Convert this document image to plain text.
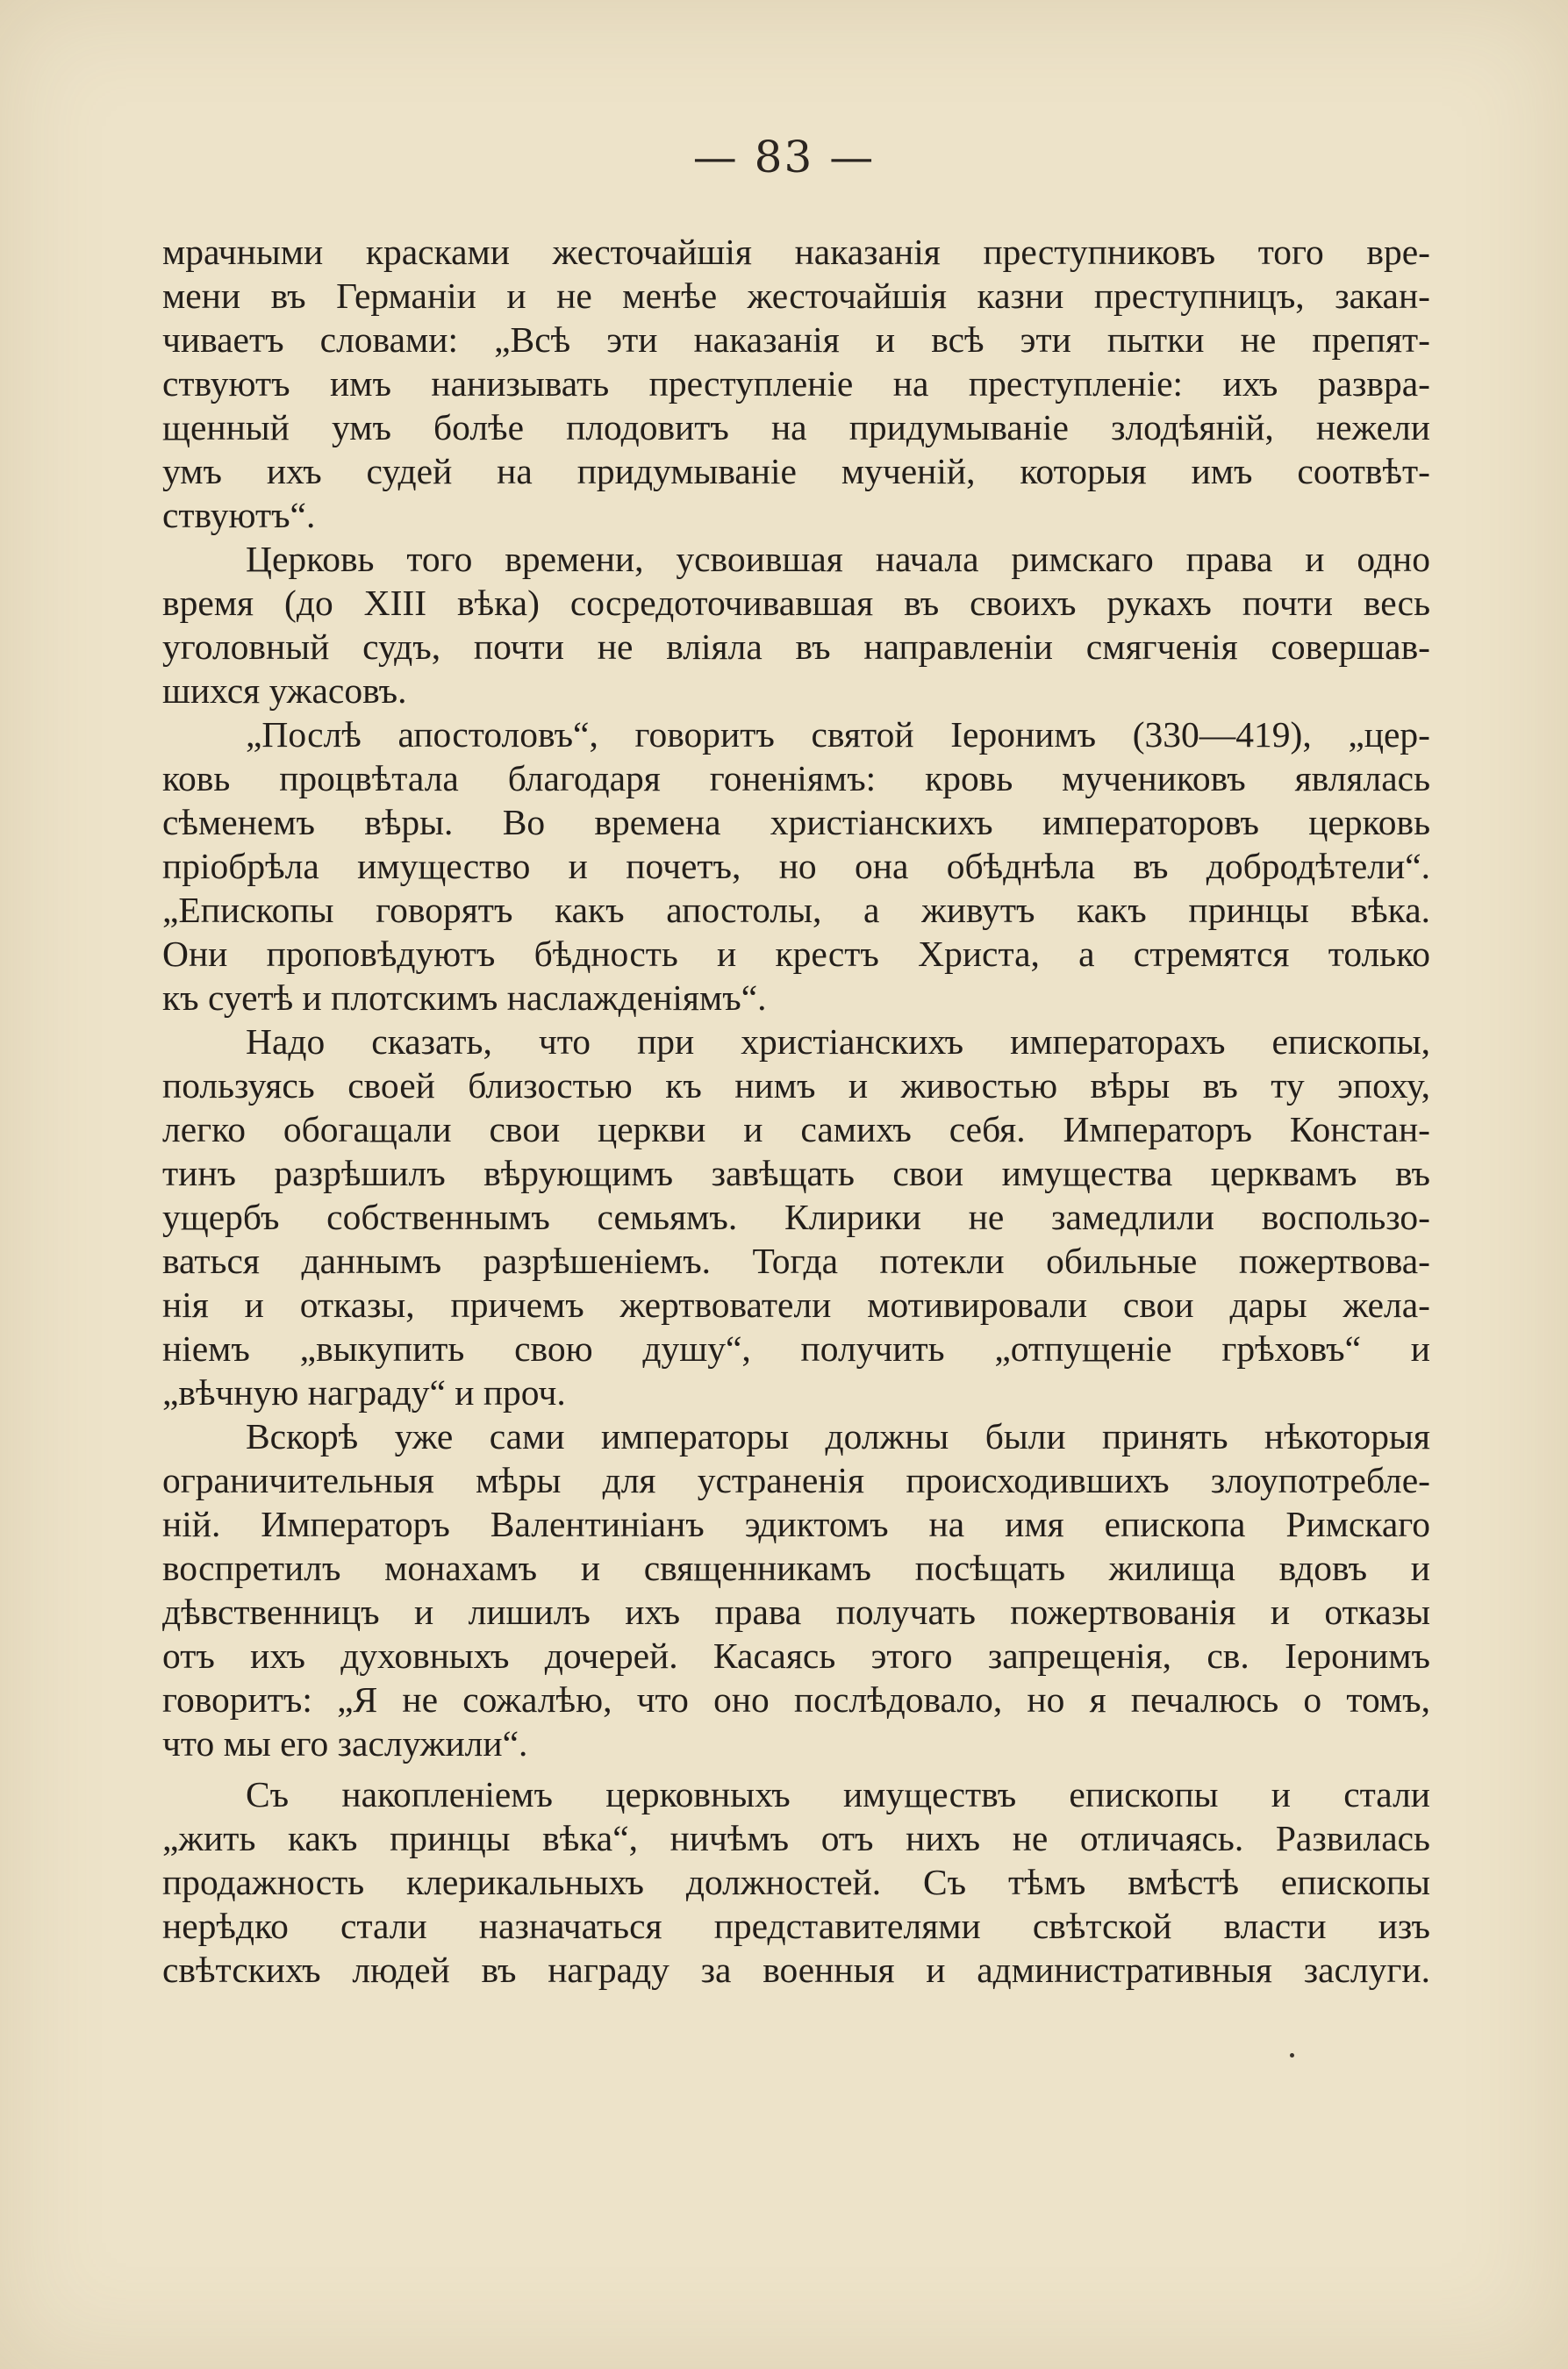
— 83 —

мрачными красками жесточайшія наказанія преступниковъ того вре-

мени въ Германіи и не менѣе жесточайшія казни преступницъ, закан-

чиваетъ словами: „Всѣ эти наказанія и всѣ эти пытки не препят-

ствуютъ имъ нанизывать преступленіе на преступленіе: ихъ развра-

щенный умъ болѣе плодовитъ на придумываніе злодѣяній, нежели

умъ ихъ судей на придумываніе мученій, которыя имъ соотвѣт-

ствуютъ“.

Церковь того времени, усвоившая начала римскаго права и одно

время (до XIII вѣка) сосредоточивавшая въ своихъ рукахъ почти весь

уголовный судъ, почти не вліяла въ направленіи смягченія совершав-

шихся ужасовъ.

„Послѣ апостоловъ“, говоритъ святой Іеронимъ (330—419), „цер-

ковь процвѣтала благодаря гоненіямъ: кровь мучениковъ являлась

сѣменемъ вѣры. Во времена христіанскихъ императоровъ церковь

пріобрѣла имущество и почетъ, но она обѣднѣла въ добродѣтели“.

„Епископы говорятъ какъ апостолы, а живутъ какъ принцы вѣка.

Они проповѣдуютъ бѣдность и крестъ Христа, а стремятся только

къ суетѣ и плотскимъ наслажденіямъ“.

Надо сказать, что при христіанскихъ императорахъ епископы,

пользуясь своей близостью къ нимъ и живостью вѣры въ ту эпоху,

легко обогащали свои церкви и самихъ себя. Императоръ Констан-

тинъ разрѣшилъ вѣрующимъ завѣщать свои имущества церквамъ въ

ущербъ собственнымъ семьямъ. Клирики не замедлили воспользо-

ваться даннымъ разрѣшеніемъ. Тогда потекли обильные пожертвова-

нія и отказы, причемъ жертвователи мотивировали свои дары жела-

ніемъ „выкупить свою душу“, получить „отпущеніе грѣховъ“ и

„вѣчную награду“ и проч.

Вскорѣ уже сами императоры должны были принять нѣкоторыя

ограничительныя мѣры для устраненія происходившихъ злоупотребле-

ній. Императоръ Валентиніанъ эдиктомъ на имя епископа Римскаго

воспретилъ монахамъ и священникамъ посѣщать жилища вдовъ и

дѣвственницъ и лишилъ ихъ права получать пожертвованія и отказы

отъ ихъ духовныхъ дочерей. Касаясь этого запрещенія, св. Іеронимъ

говоритъ: „Я не сожалѣю, что оно послѣдовало, но я печалюсь о томъ,

что мы его заслужили“.

Съ накопленіемъ церковныхъ имуществъ епископы и стали

„жить какъ принцы вѣка“, ничѣмъ отъ нихъ не отличаясь. Развилась

продажность клерикальныхъ должностей. Съ тѣмъ вмѣстѣ епископы

нерѣдко стали назначаться представителями свѣтской власти изъ

свѣтскихъ людей въ награду за военныя и административныя заслуги.
